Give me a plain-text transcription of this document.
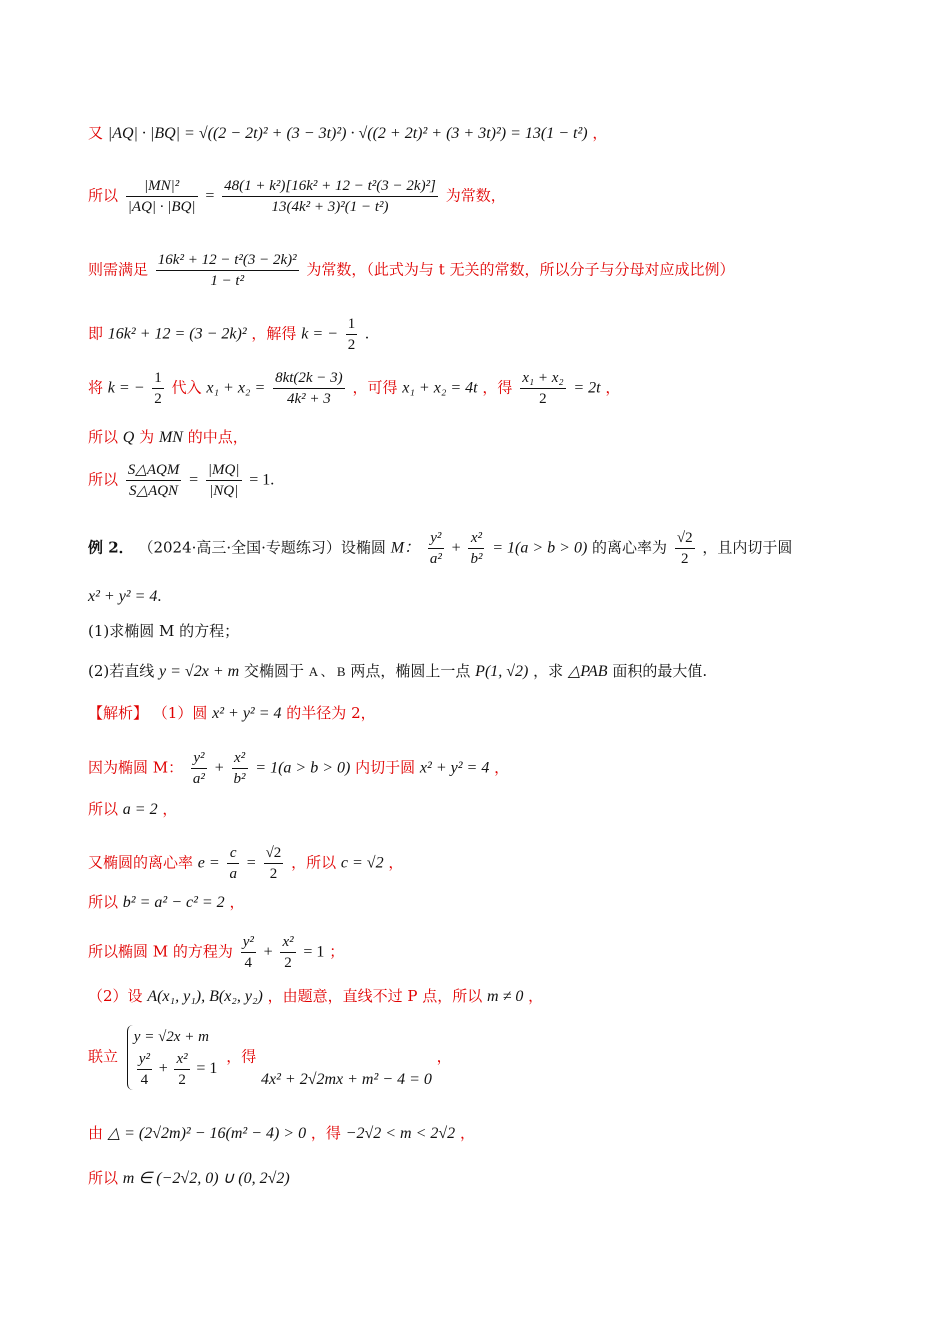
又 |AQ| · |BQ| = √((2 − 2t)² + (3 − 3t)²) · √((2 + 2t)² + (3 + 3t)²) = 13(1 − t²) ，
所以 $\frac{\text{|MN|²}}{|AQ| \cdot |BQ|} = \frac{\text{48(1 + k²)[16k² + 12 − t²(3 − 2k)²]}}{\text{13(4k² + 3)²(1 − t²)}}$ 为常数，
则需满足 $\frac{\text{16k² + 12 − t²(3 − 2k)²}}{\text{1 − t²}}$ 为常数，（此式为与 t 无关的常数，所以分子与分母对应成比例）
即 16k² + 12 = (3 − 2k)² ，解得 k = − $\frac{1}{2}$ .
将 k = − $\frac{1}{2}$ 代入 $x_1 + x_2 = \frac{8kt(2k - 3)}{\text{4k² + 3}}$ ，可得 x₁ + x₂ = 4t ，得 $\frac{\text{x₁ + x₂}}{2} = 2t$ ，
所以 Q 为 MN 的中点，
所以 $\frac{\text{S△AQM}}{\text{S△AQN}} = \frac{|MQ|}{|NQ|} = 1$.
例 2． （2024·高三·全国·专题练习）设椭圆 M： $\frac{\text{y²}}{\text{a²}} + \frac{\text{x²}}{\text{b²}} = 1(a > b > 0)$ 的离心率为 $\frac{√2}{2}$ ，且内切于圆
x² + y² = 4.
(1)求椭圆 M 的方程；
(2)若直线 y = √2x + m 交椭圆于 A 、 B 两点，椭圆上一点 P(1, √2) ，求 △PAB 面积的最大值.
【解析】 （1）圆 x² + y² = 4 的半径为 2，
因为椭圆 M： $\frac{\text{y²}}{\text{a²}} + \frac{\text{x²}}{\text{b²}} = 1(a > b > 0)$ 内切于圆 x² + y² = 4 ，
所以 a = 2 ，
又椭圆的离心率 $e = \frac{c}{a} = \frac{√2}{2}$ ，所以 c = √2 ，
所以 b² = a² − c² = 2 ，
所以椭圆 M 的方程为 $\frac{\text{y²}}{4} + \frac{\text{x²}}{2} = 1$ ；
（2）设 A(x₁, y₁), B(x₂, y₂) ，由题意，直线不过 P 点，所以 m ≠ 0 ，
联立
y = √2x + m
$\frac{\text{y²}}{4} + \frac{\text{x²}}{2} = 1$
，得 4x² + 2√2mx + m² − 4 = 0 ，
由 △ = (2√2m)² − 16(m² − 4) > 0 ，得 −2√2 < m < 2√2 ，
所以 m ∈ (−2√2, 0) ∪ (0, 2√2)
